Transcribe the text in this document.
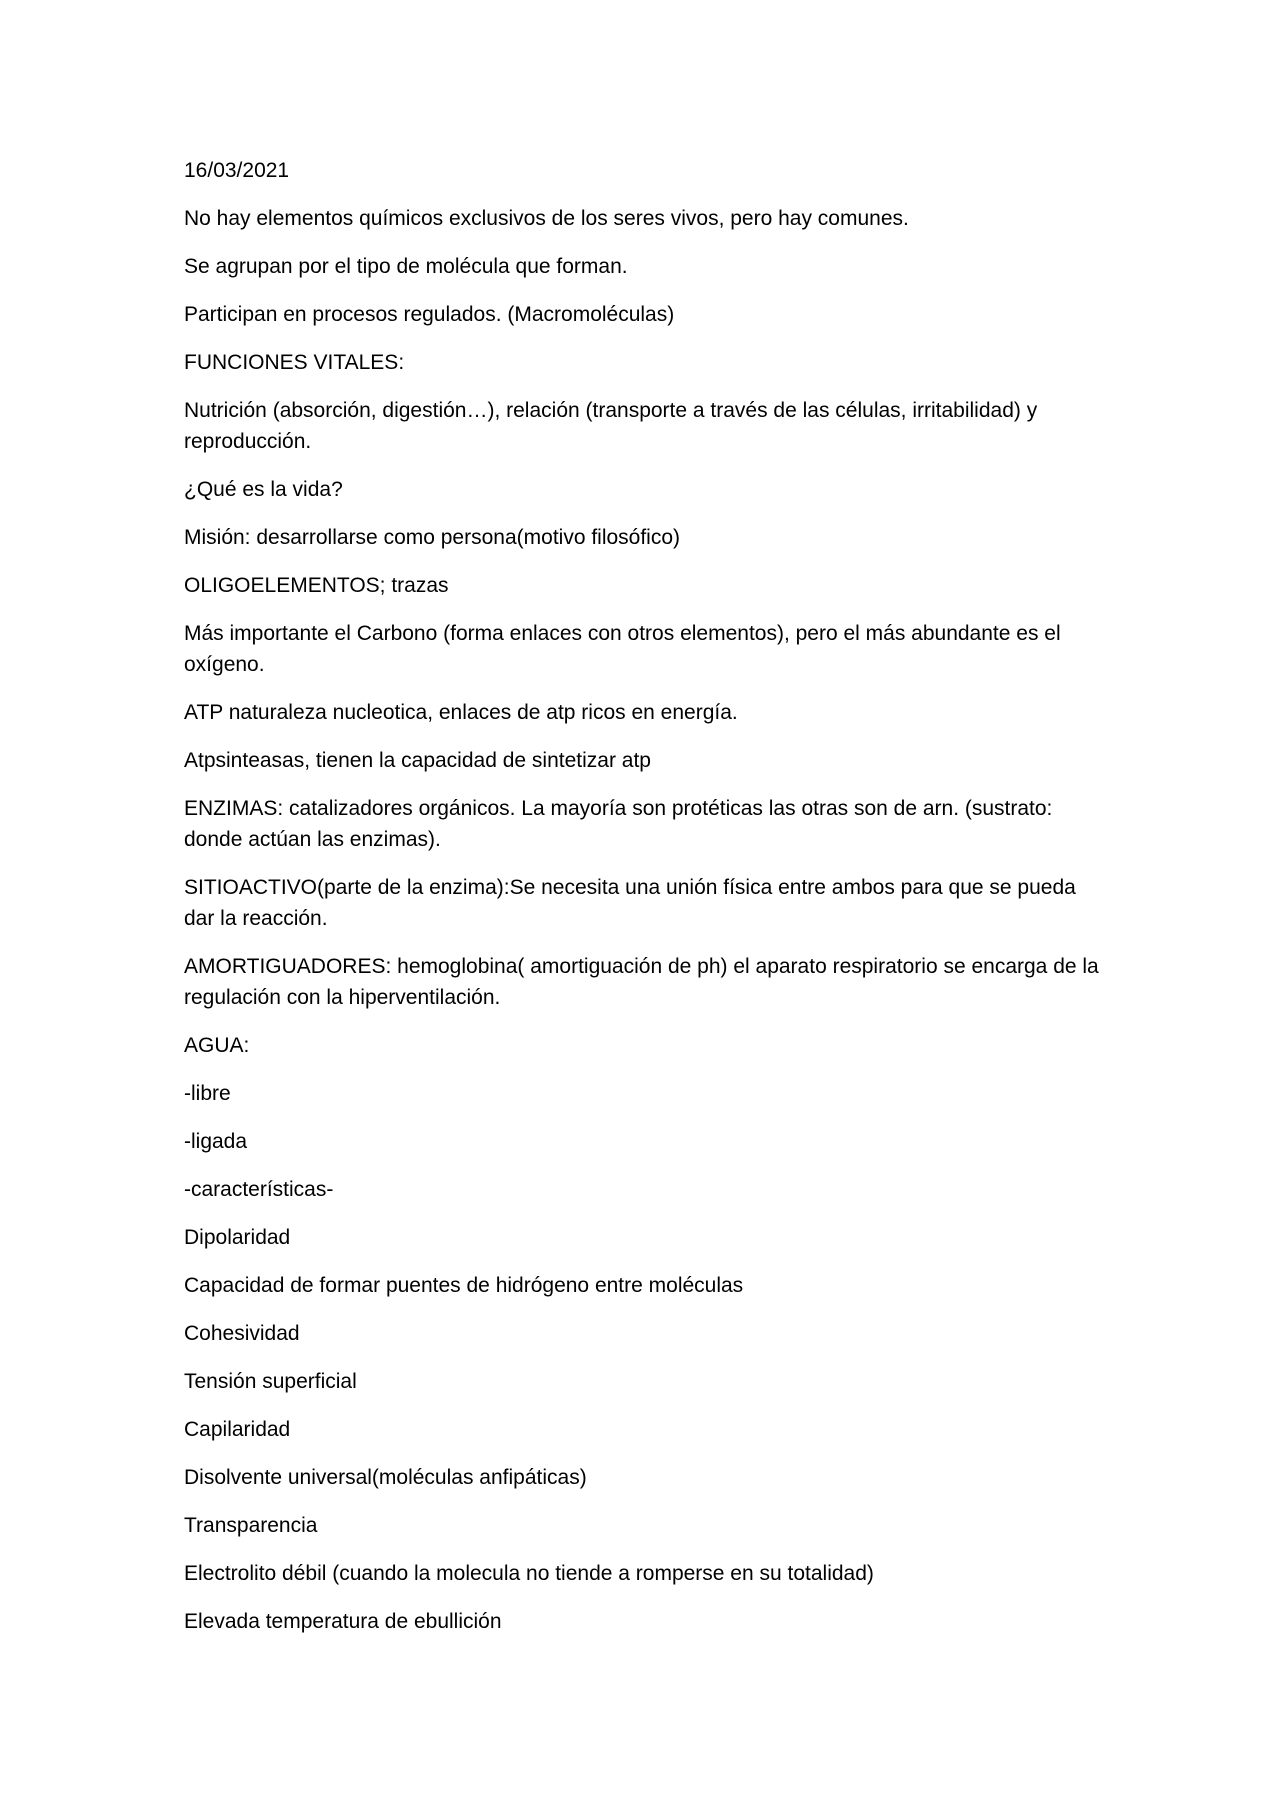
16/03/2021

No hay elementos químicos exclusivos de los seres vivos, pero hay comunes.

Se agrupan por el tipo de molécula que forman.

Participan en procesos regulados. (Macromoléculas)

FUNCIONES VITALES:

Nutrición (absorción, digestión…), relación (transporte a través de las células, irritabilidad) y reproducción.

¿Qué es la vida?

Misión: desarrollarse como persona(motivo filosófico)

OLIGOELEMENTOS; trazas

Más importante el Carbono (forma enlaces con otros elementos), pero el más abundante es el oxígeno.

ATP naturaleza nucleotica, enlaces de atp ricos en energía.

Atpsinteasas, tienen la capacidad de sintetizar atp

ENZIMAS: catalizadores orgánicos. La mayoría son protéticas las otras son de arn. (sustrato: donde actúan las enzimas).

SITIOACTIVO(parte de la enzima):Se necesita una unión física entre ambos para que se pueda dar la reacción.

AMORTIGUADORES: hemoglobina( amortiguación de ph) el aparato respiratorio se encarga de la regulación con la hiperventilación.

AGUA:

-libre

-ligada

-características-

Dipolaridad

Capacidad de formar puentes de hidrógeno entre moléculas

Cohesividad

Tensión superficial

Capilaridad

Disolvente universal(moléculas anfipáticas)

Transparencia

Electrolito débil (cuando la molecula no tiende a romperse en su totalidad)

Elevada temperatura de ebullición
